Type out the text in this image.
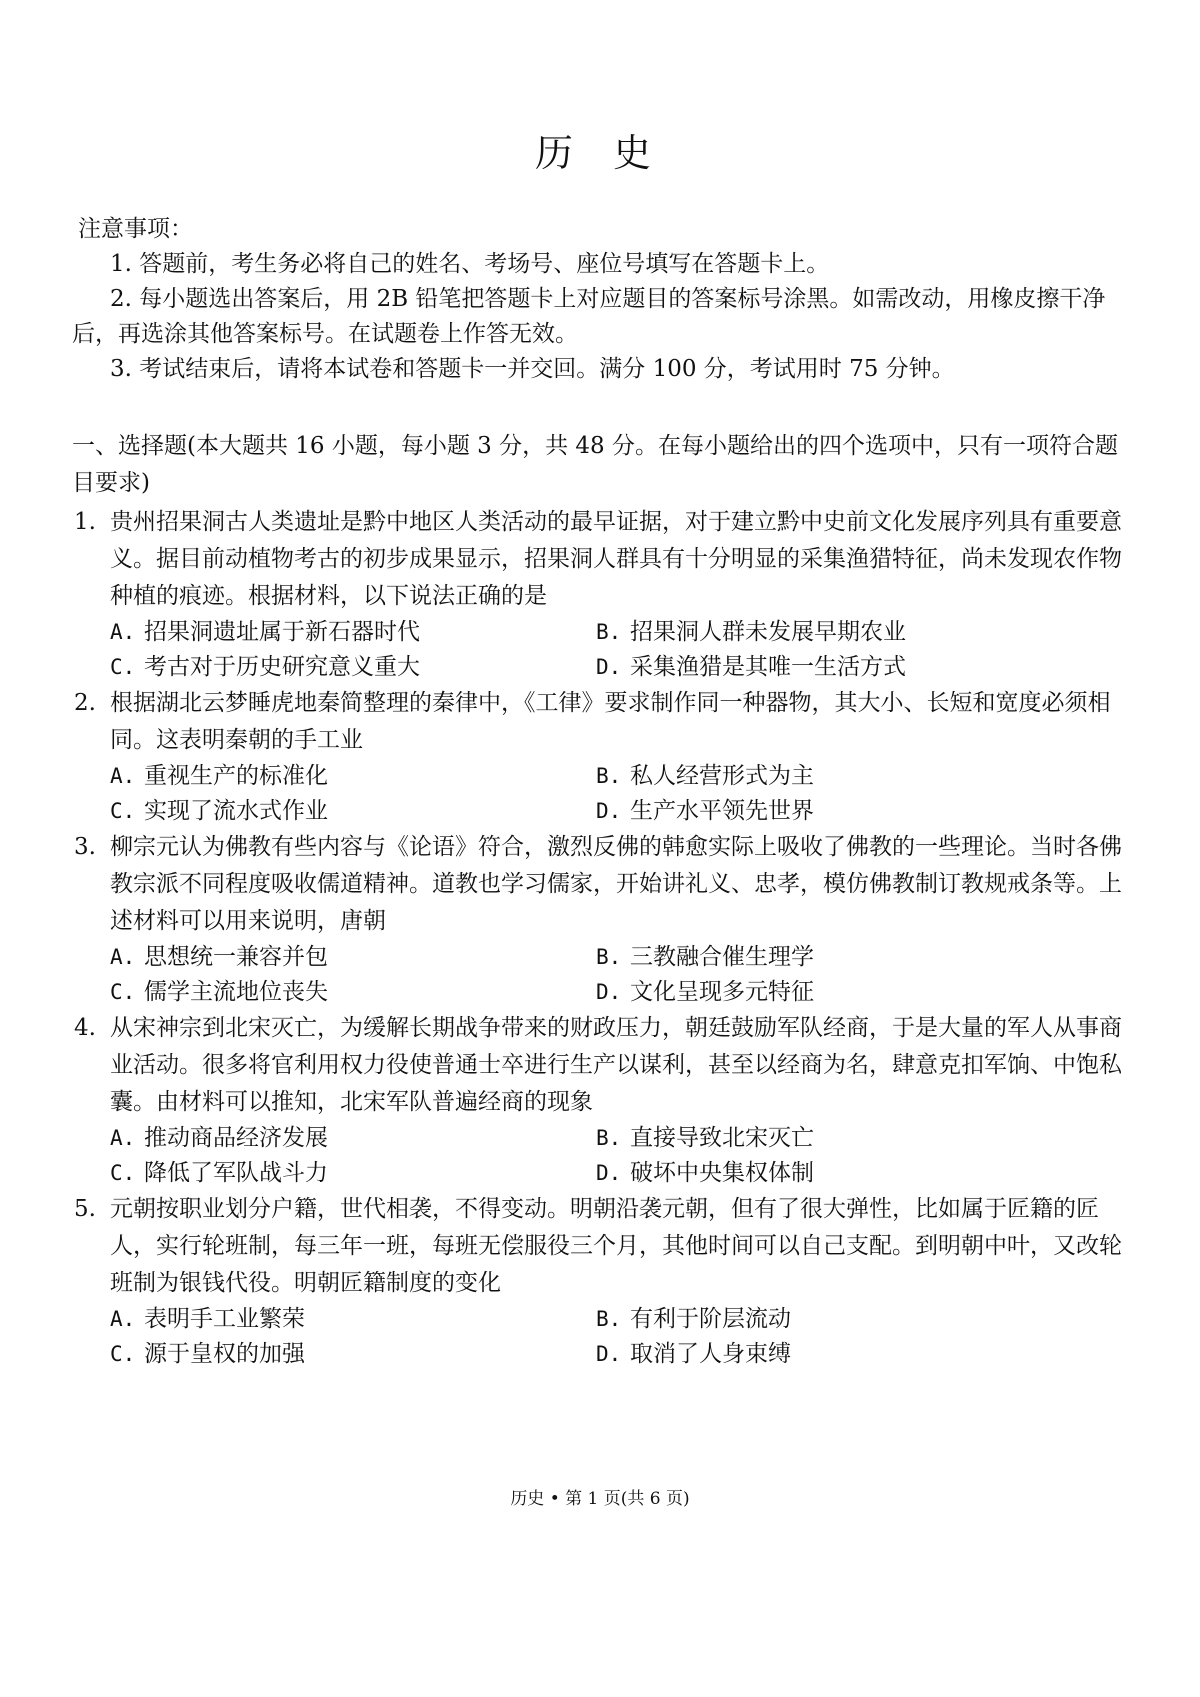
历 史
注意事项：
1. 答题前，考生务必将自己的姓名、考场号、座位号填写在答题卡上。
2. 每小题选出答案后，用 2B 铅笔把答题卡上对应题目的答案标号涂黑。如需改动，用橡皮擦干净后，再选涂其他答案标号。在试题卷上作答无效。
3. 考试结束后，请将本试卷和答题卡一并交回。满分 100 分，考试用时 75 分钟。
一、选择题(本大题共 16 小题，每小题 3 分，共 48 分。在每小题给出的四个选项中，只有一项符合题目要求)
1. 贵州招果洞古人类遗址是黔中地区人类活动的最早证据，对于建立黔中史前文化发展序列具有重要意义。据目前动植物考古的初步成果显示，招果洞人群具有十分明显的采集渔猎特征，尚未发现农作物种植的痕迹。根据材料，以下说法正确的是
A. 招果洞遗址属于新石器时代	B. 招果洞人群未发展早期农业
C. 考古对于历史研究意义重大	D. 采集渔猎是其唯一生活方式
2. 根据湖北云梦睡虎地秦简整理的秦律中，《工律》要求制作同一种器物，其大小、长短和宽度必须相同。这表明秦朝的手工业
A. 重视生产的标准化	B. 私人经营形式为主
C. 实现了流水式作业	D. 生产水平领先世界
3. 柳宗元认为佛教有些内容与《论语》符合，激烈反佛的韩愈实际上吸收了佛教的一些理论。当时各佛教宗派不同程度吸收儒道精神。道教也学习儒家，开始讲礼义、忠孝，模仿佛教制订教规戒条等。上述材料可以用来说明，唐朝
A. 思想统一兼容并包	B. 三教融合催生理学
C. 儒学主流地位丧失	D. 文化呈现多元特征
4. 从宋神宗到北宋灭亡，为缓解长期战争带来的财政压力，朝廷鼓励军队经商，于是大量的军人从事商业活动。很多将官利用权力役使普通士卒进行生产以谋利，甚至以经商为名，肆意克扣军饷、中饱私囊。由材料可以推知，北宋军队普遍经商的现象
A. 推动商品经济发展	B. 直接导致北宋灭亡
C. 降低了军队战斗力	D. 破坏中央集权体制
5. 元朝按职业划分户籍，世代相袭，不得变动。明朝沿袭元朝，但有了很大弹性，比如属于匠籍的匠人，实行轮班制，每三年一班，每班无偿服役三个月，其他时间可以自己支配。到明朝中叶，又改轮班制为银钱代役。明朝匠籍制度的变化
A. 表明手工业繁荣	B. 有利于阶层流动
C. 源于皇权的加强	D. 取消了人身束缚
历史 • 第 1 页(共 6 页)
